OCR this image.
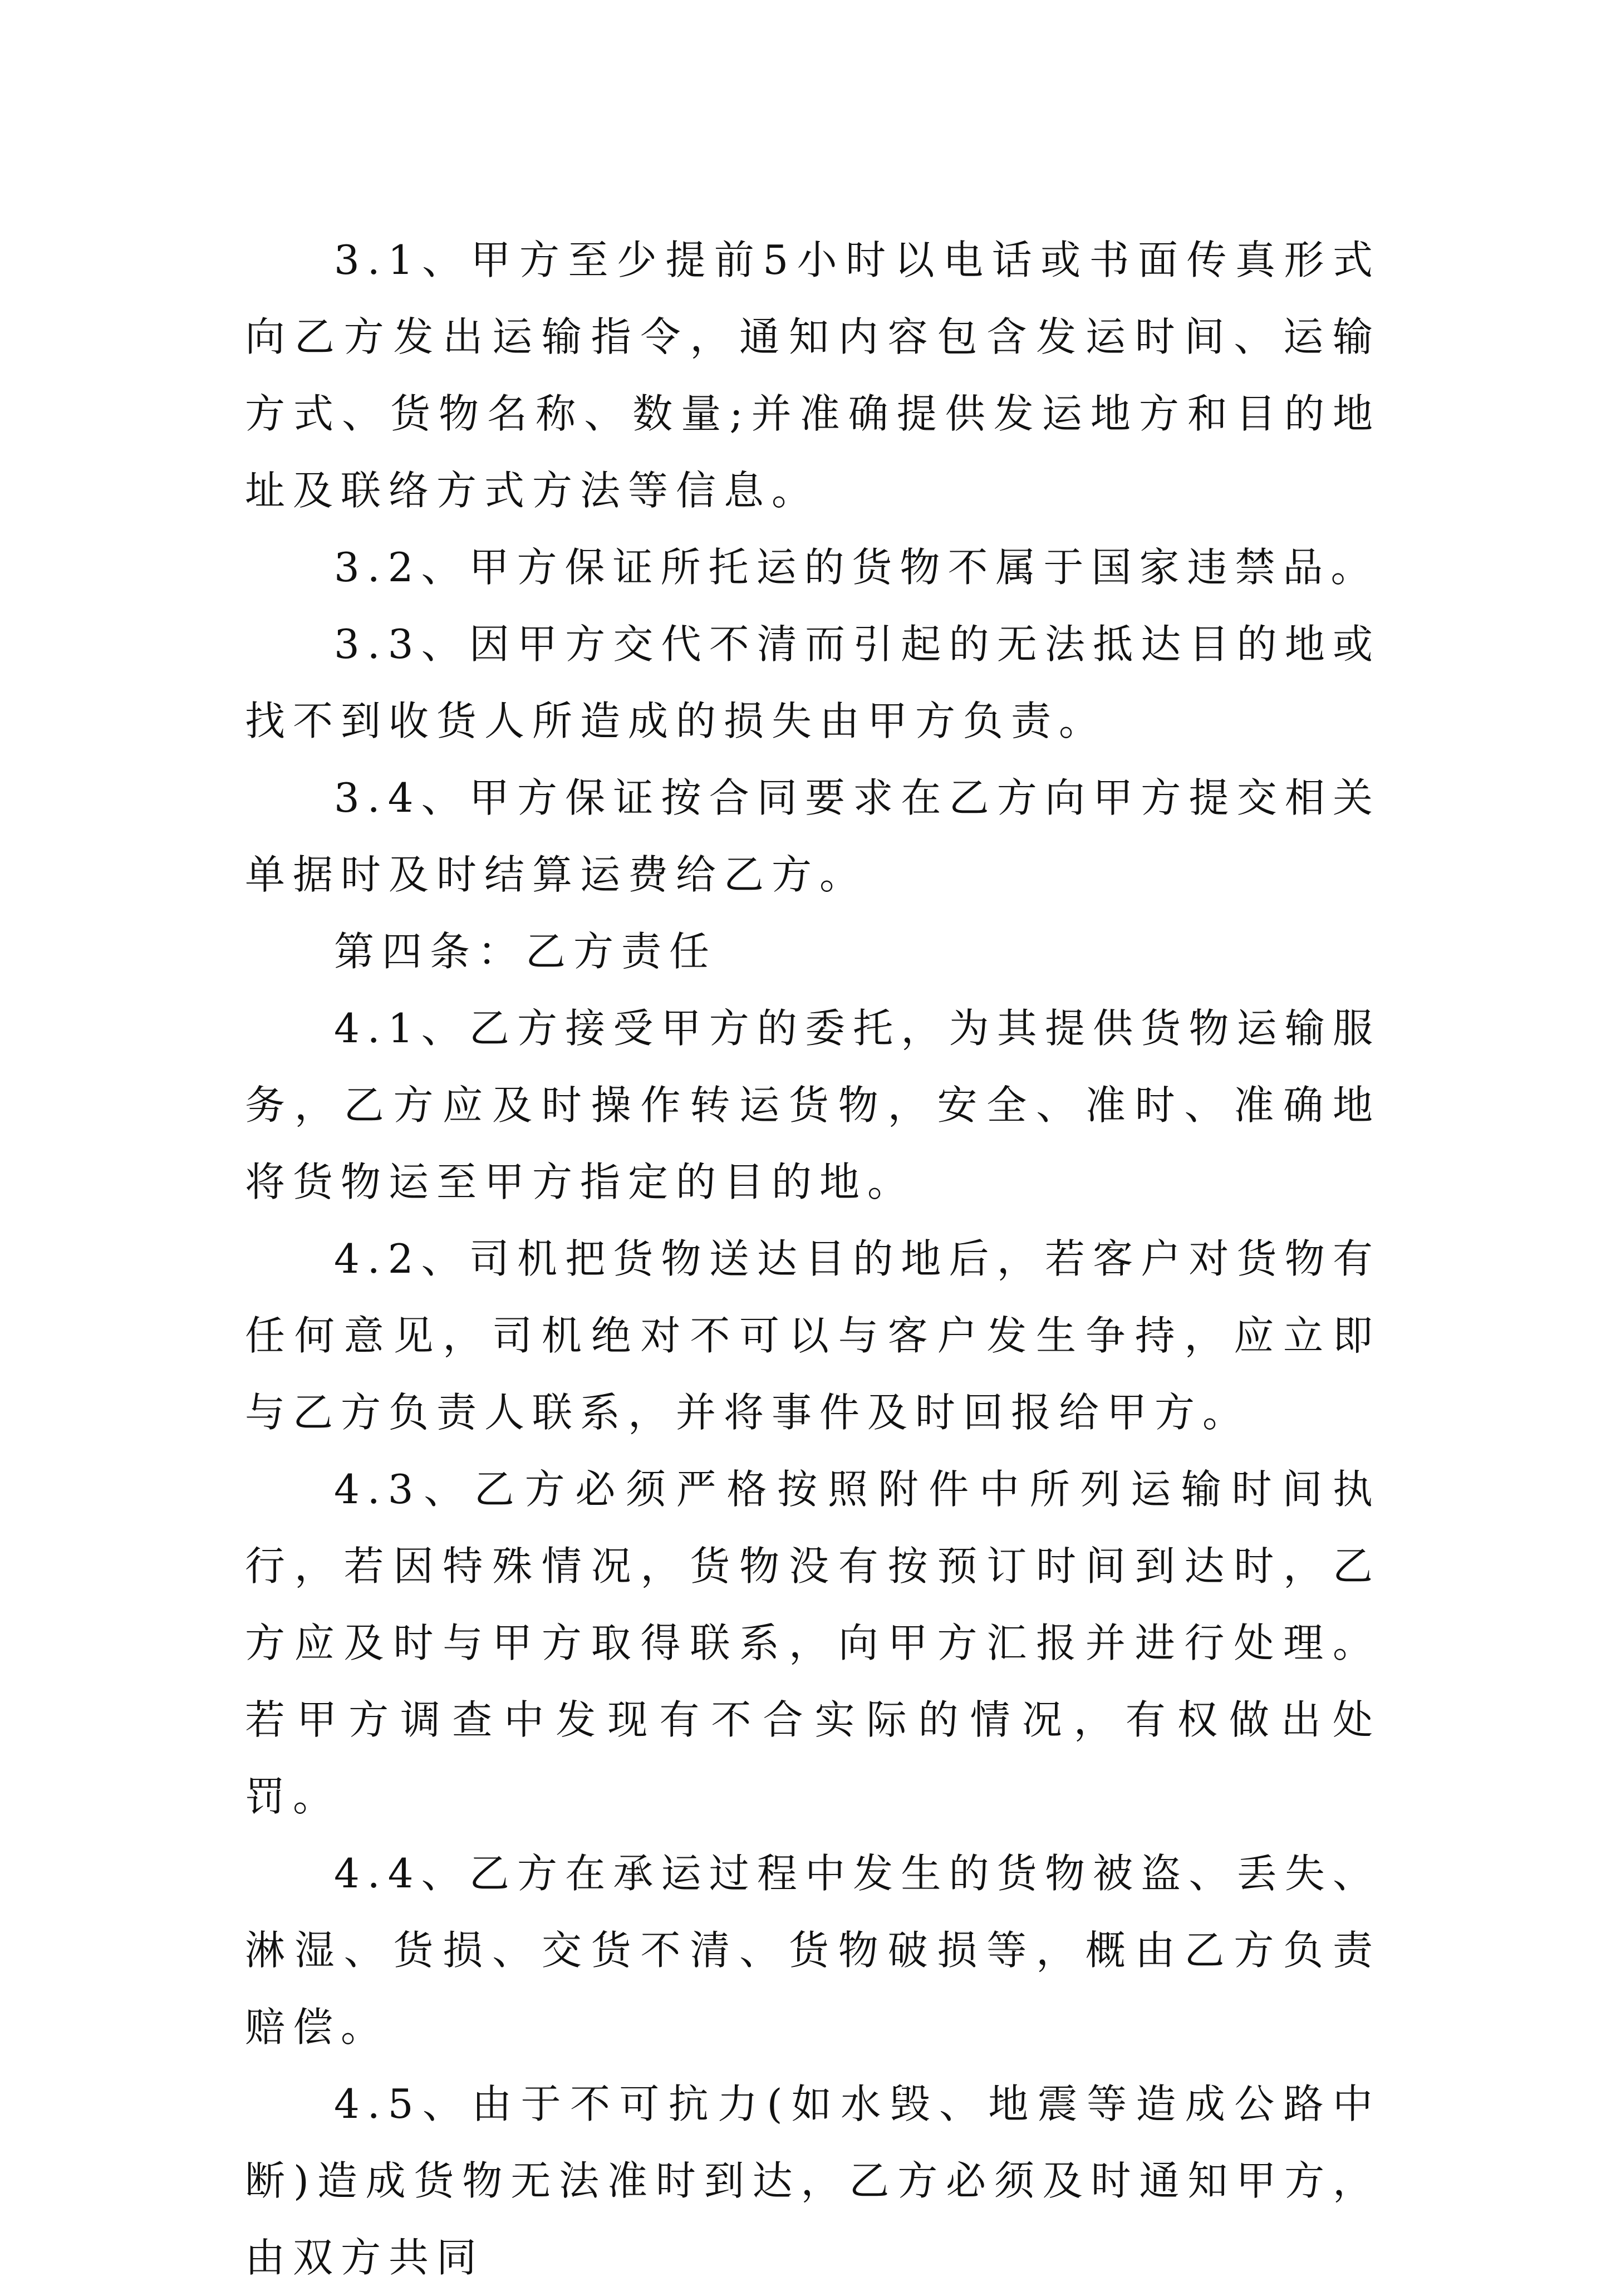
3.1、甲方至少提前5小时以电话或书面传真形式向乙方发出运输指令，通知内容包含发运时间、运输方式、货物名称、数量;并准确提供发运地方和目的地址及联络方式方法等信息。

3.2、甲方保证所托运的货物不属于国家违禁品。

3.3、因甲方交代不清而引起的无法抵达目的地或找不到收货人所造成的损失由甲方负责。

3.4、甲方保证按合同要求在乙方向甲方提交相关单据时及时结算运费给乙方。

第四条：乙方责任

4.1、乙方接受甲方的委托，为其提供货物运输服务，乙方应及时操作转运货物，安全、准时、准确地将货物运至甲方指定的目的地。

4.2、司机把货物送达目的地后，若客户对货物有任何意见，司机绝对不可以与客户发生争持，应立即与乙方负责人联系，并将事件及时回报给甲方。

4.3、乙方必须严格按照附件中所列运输时间执行，若因特殊情况，货物没有按预订时间到达时，乙方应及时与甲方取得联系，向甲方汇报并进行处理。若甲方调查中发现有不合实际的情况，有权做出处罚。

4.4、乙方在承运过程中发生的货物被盗、丢失、淋湿、货损、交货不清、货物破损等，概由乙方负责赔偿。

4.5、由于不可抗力(如水毁、地震等造成公路中断)造成货物无法准时到达，乙方必须及时通知甲方，由双方共同
